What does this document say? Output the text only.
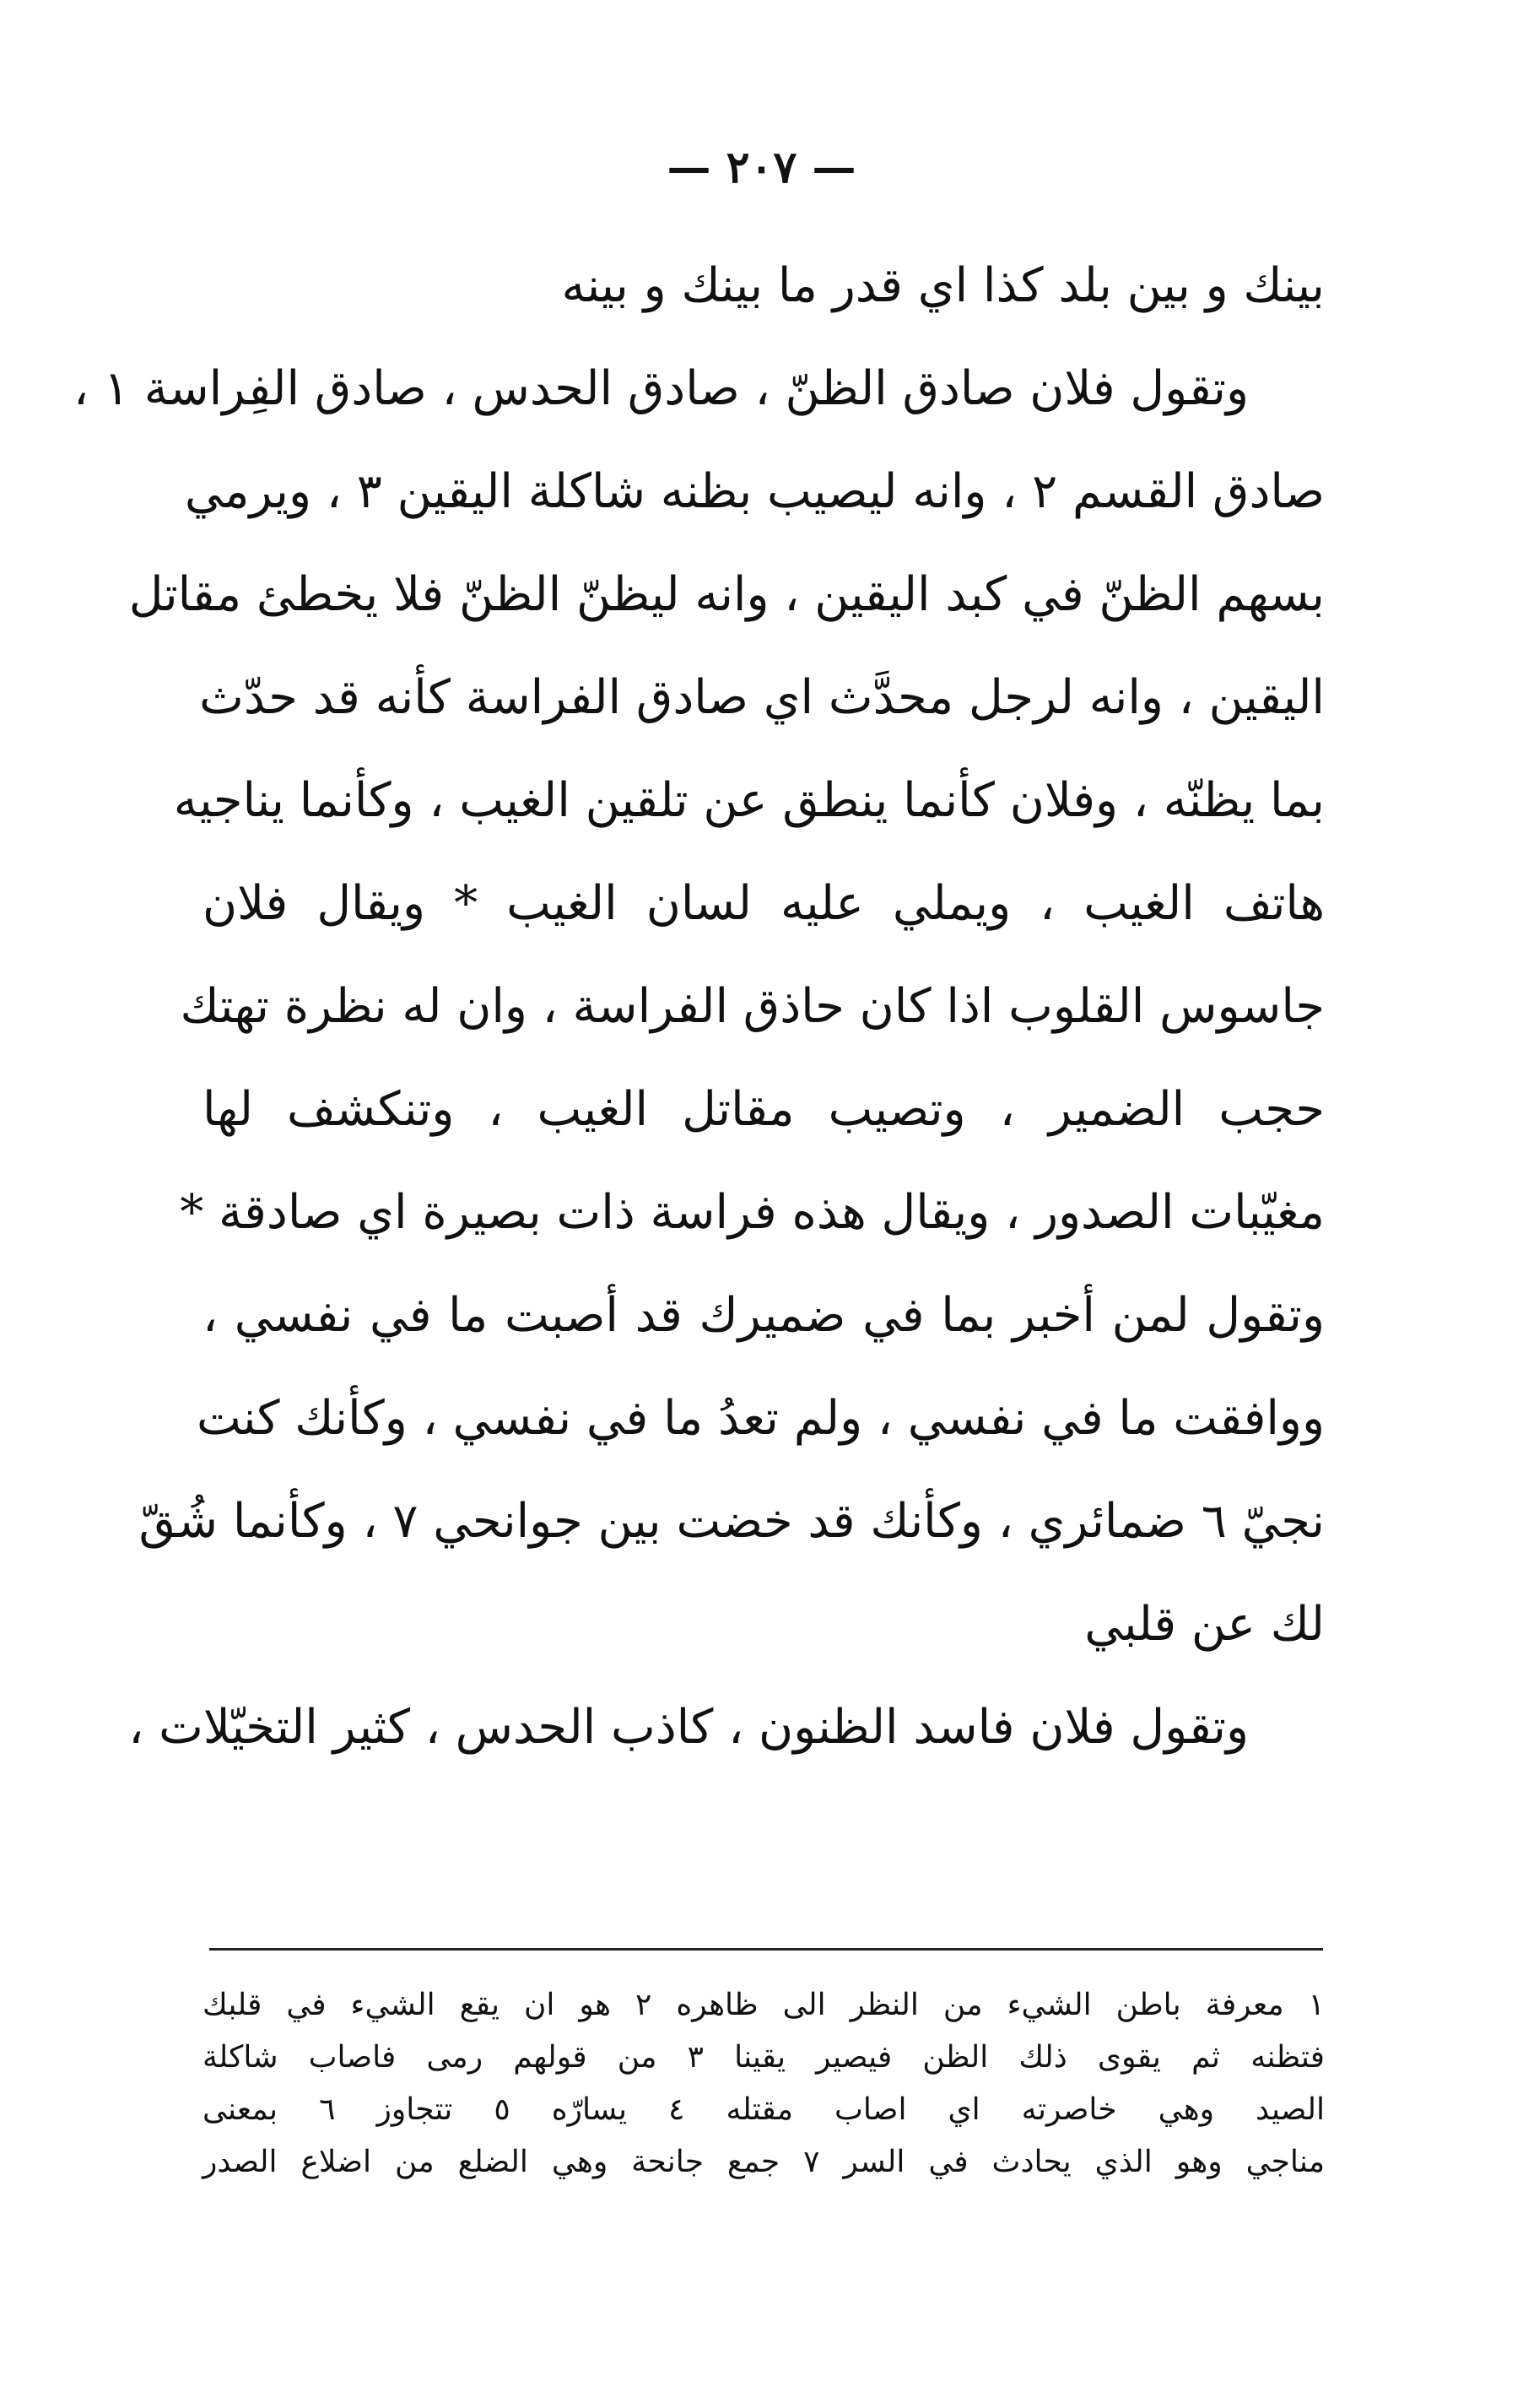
— ٢٠٧ —
بينك و بين بلد كذا اي قدر ما بينك و بينه
وتقول فلان صادق الظنّ ، صادق الحدس ، صادق الفِراسة ١ ،
صادق القسم ٢ ، وانه ليصيب بظنه شاكلة اليقين ٣ ، ويرمي
بسهم الظنّ في كبد اليقين ، وانه ليظنّ الظنّ فلا يخطئ مقاتل
اليقين ، وانه لرجل محدَّث اي صادق الفراسة كأنه قد حدّث
بما يظنّه ، وفلان كأنما ينطق عن تلقين الغيب ، وكأنما يناجيه
هاتف الغيب ، ويملي عليه لسان الغيب * ويقال فلان
جاسوس القلوب اذا كان حاذق الفراسة ، وان له نظرة تهتك
حجب الضمير ، وتصيب مقاتل الغيب ، وتنكشف لها
مغيّبات الصدور ، ويقال هذه فراسة ذات بصيرة اي صادقة *
وتقول لمن أخبر بما في ضميرك قد أصبت ما في نفسي ،
ووافقت ما في نفسي ، ولم تعدُ ما في نفسي ، وكأنك كنت
نجيّ ٦ ضمائري ، وكأنك قد خضت بين جوانحي ٧ ، وكأنما شُقّ
لك عن قلبي
وتقول فلان فاسد الظنون ، كاذب الحدس ، كثير التخيّلات ،
١ معرفة باطن الشيء من النظر الى ظاهره ٢ هو ان يقع الشيء في قلبك
فتظنه ثم يقوى ذلك الظن فيصير يقينا ٣ من قولهم رمى فاصاب شاكلة
الصيد وهي خاصرته اي اصاب مقتله ٤ يسارّه ٥ تتجاوز ٦ بمعنى
مناجي وهو الذي يحادث في السر ٧ جمع جانحة وهي الضلع من اضلاع الصدر
